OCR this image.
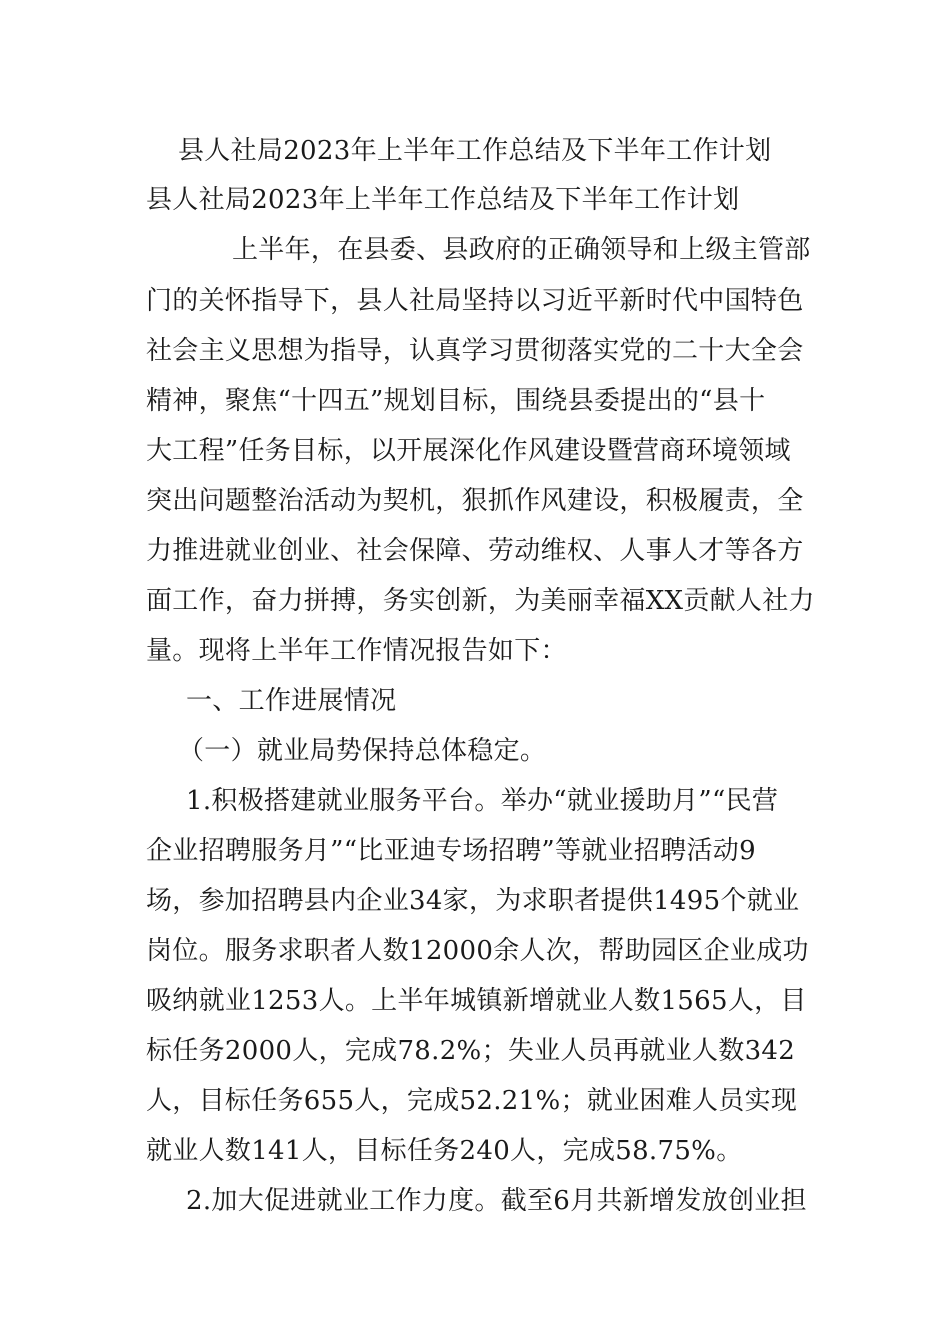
县人社局2023年上半年工作总结及下半年工作计划
县人社局2023年上半年工作总结及下半年工作计划
上半年，在县委、县政府的正确领导和上级主管部
门的关怀指导下，县人社局坚持以习近平新时代中国特色
社会主义思想为指导，认真学习贯彻落实党的二十大全会
精神，聚焦“十四五”规划目标，围绕县委提出的“县十
大工程”任务目标，以开展深化作风建设暨营商环境领域
突出问题整治活动为契机，狠抓作风建设，积极履责，全
力推进就业创业、社会保障、劳动维权、人事人才等各方
面工作，奋力拼搏，务实创新，为美丽幸福XX贡献人社力
量。现将上半年工作情况报告如下：
一、工作进展情况
（一）就业局势保持总体稳定。
1.积极搭建就业服务平台。举办“就业援助月”“民营
企业招聘服务月”“比亚迪专场招聘”等就业招聘活动9
场，参加招聘县内企业34家，为求职者提供1495个就业
岗位。服务求职者人数12000余人次，帮助园区企业成功
吸纳就业1253人。上半年城镇新增就业人数1565人，目
标任务2000人，完成78.2%；失业人员再就业人数342
人，目标任务655人，完成52.21%；就业困难人员实现
就业人数141人，目标任务240人，完成58.75%。
2.加大促进就业工作力度。截至6月共新增发放创业担
